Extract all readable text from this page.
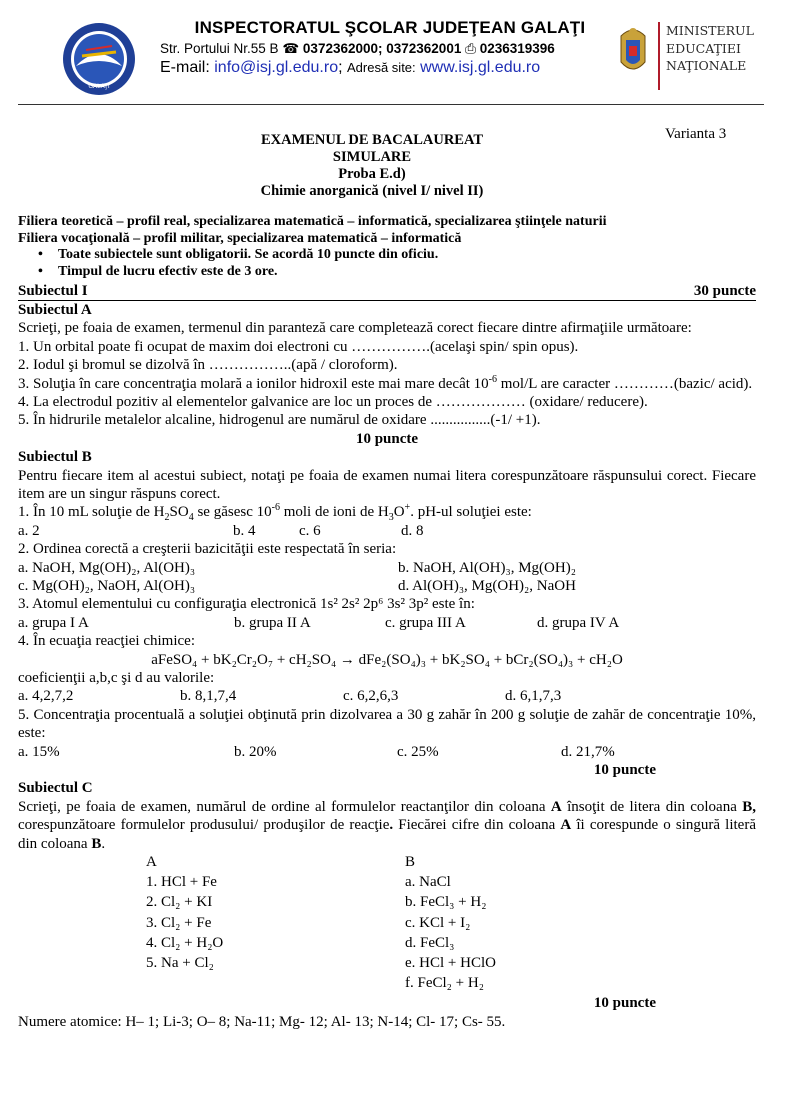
GALAŢI
INSPECTORATUL ŞCOLAR JUDEŢEAN GALAŢI
Str. Portului Nr.55 B ☎ 0372362000; 0372362001 ⎙ 0236319396
E-mail: info@isj.gl.edu.ro; Adresă site: www.isj.gl.edu.ro
MINISTERUL
EDUCAŢIEI
NAŢIONALE
Varianta 3
EXAMENUL DE BACALAUREAT
SIMULARE
Proba E.d)
Chimie anorganică (nivel I/ nivel II)
Filiera teoretică – profil real, specializarea matematică – informatică, specializarea ştiinţele naturii
Filiera vocaţională – profil militar, specializarea matematică – informatică
• Toate subiectele sunt obligatorii. Se acordă 10 puncte din oficiu.
• Timpul de lucru efectiv este de 3 ore.
Subiectul I	30 puncte

Subiectul A

Scrieţi, pe foaia de examen, termenul din paranteză care completează corect fiecare dintre afirmaţiile următoare:

1. Un orbital poate fi ocupat de maxim doi electroni cu …………….(acelaşi spin/ spin opus).

2. Iodul şi bromul se dizolvă în ……………..(apă / cloroform).

3. Soluţia în care concentraţia molară a ionilor hidroxil este mai mare decât $10^{-6}$ mol/L are caracter …………(bazic/ acid).

4. La electrodul pozitiv al elementelor galvanice are loc un proces de ……………… (oxidare/ reducere).

5. În hidrurile metalelor alcaline, hidrogenul are numărul de oxidare ................(-1/ +1).

10 puncte

Subiectul B

Pentru fiecare item al acestui subiect, notaţi pe foaia de examen numai litera corespunzătoare răspunsului corect. Fiecare item are un singur răspuns corect.

1. În 10 mL soluţie de $H_2SO_4$ se găsesc $10^{-6}$ moli de ioni de $H_3O^+$. pH-ul soluţiei este:

a. 2	b. 4	c. 6	d. 8

2. Ordinea corectă a creşterii bazicităţii este respectată în seria:

a. NaOH, Mg(OH)₂, Al(OH)₃	b. NaOH, Al(OH)₃, Mg(OH)₂
c. Mg(OH)₂, NaOH, Al(OH)₃	d. Al(OH)₃, Mg(OH)₂, NaOH

3. Atomul elementului cu configuraţia electronică 1s² 2s² 2p⁶ 3s² 3p² este în:

a. grupa I A	b. grupa II A	c. grupa III A	d. grupa IV A

4. În ecuaţia reacţiei chimice:

aFeSO₄ + bK₂Cr₂O₇ + cH₂SO₄ → dFe₂(SO₄)₃ + bK₂SO₄ + bCr₂(SO₄)₃ + cH₂O

coeficienţii a,b,c şi d au valorile:

a. 4,2,7,2	b. 8,1,7,4	c. 6,2,6,3	d. 6,1,7,3

5. Concentraţia procentuală a soluţiei obţinută prin dizolvarea a 30 g zahăr în 200 g soluţie de zahăr de concentraţie 10%, este:

a. 15%	b. 20%	c. 25%	d. 21,7%

10 puncte

Subiectul C

Scrieţi, pe foaia de examen, numărul de ordine al formulelor reactanţilor din coloana A însoţit de litera din coloana B, corespunzătoare formulelor produsului/ produşilor de reacţie. Fiecărei cifre din coloana A îi corespunde o singură literă din coloana B.

A	B
1. HCl + Fe	a. NaCl
2. Cl₂ + KI	b. FeCl₃ + H₂
3. Cl₂ + Fe	c. KCl + I₂
4. Cl₂ + H₂O	d. FeCl₃
5. Na + Cl₂	e. HCl + HClO
f. FeCl₂ + H₂

10 puncte

Numere atomice: H– 1; Li-3; O– 8; Na-11; Mg- 12; Al- 13; N-14; Cl- 17; Cs- 55.
